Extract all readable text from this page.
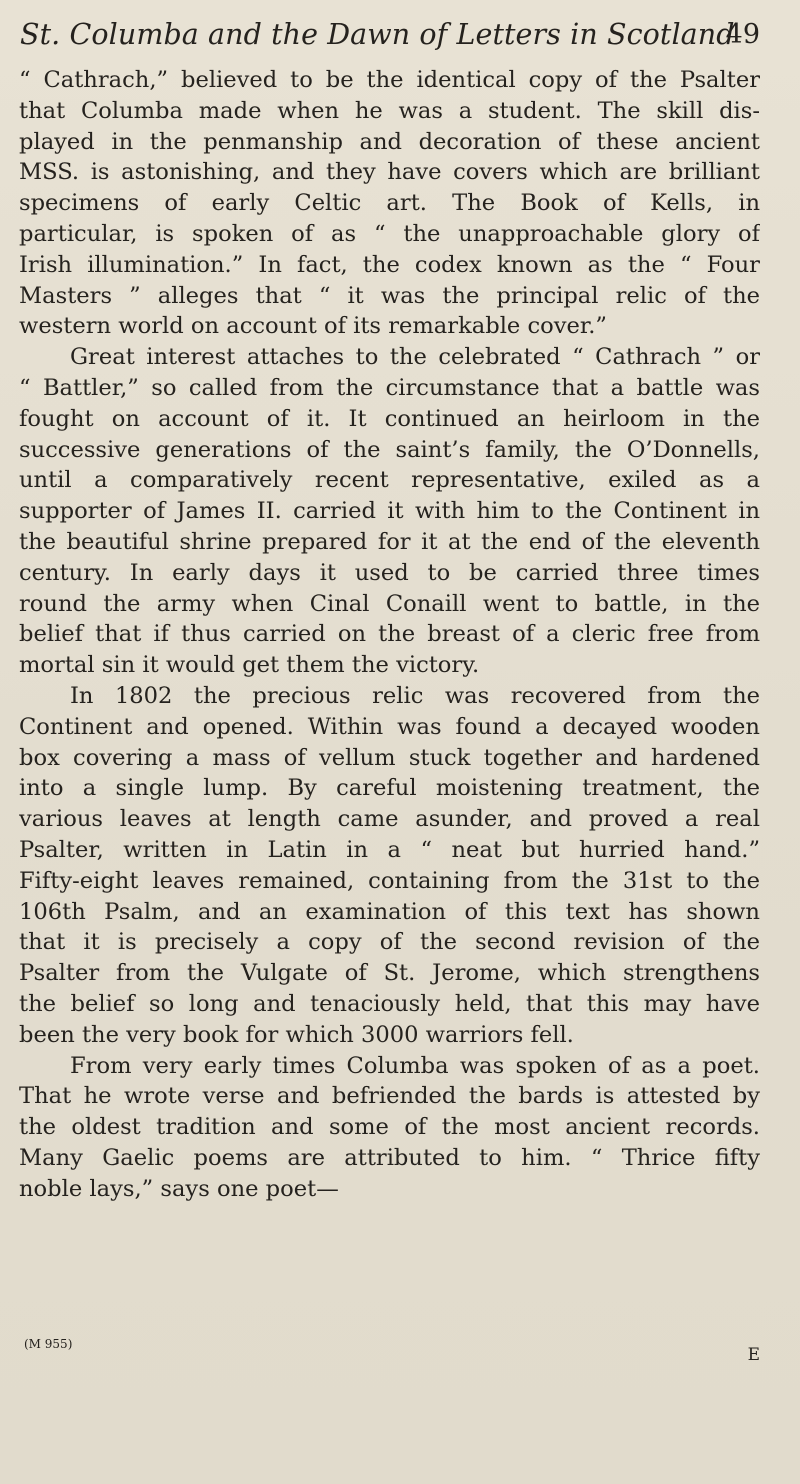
St. Columba and the Dawn of Letters in Scotland
49
“ Cathrach,” believed to be the identical copy of the Psalter
that Columba made when he was a student. The skill dis-
played in the penmanship and decoration of these ancient
MSS. is astonishing, and they have covers which are brilliant
specimens of early Celtic art. The Book of Kells, in
particular, is spoken of as “ the unapproachable glory of
Irish illumination.” In fact, the codex known as the “ Four
Masters ” alleges that “ it was the principal relic of the
western world on account of its remarkable cover.”
Great interest attaches to the celebrated “ Cathrach ” or
“ Battler,” so called from the circumstance that a battle was
fought on account of it. It continued an heirloom in the
successive generations of the saint’s family, the O’Donnells,
until a comparatively recent representative, exiled as a
supporter of James II. carried it with him to the Continent in
the beautiful shrine prepared for it at the end of the eleventh
century. In early days it used to be carried three times
round the army when Cinal Conaill went to battle, in the
belief that if thus carried on the breast of a cleric free from
mortal sin it would get them the victory.
In 1802 the precious relic was recovered from the
Continent and opened. Within was found a decayed wooden
box covering a mass of vellum stuck together and hardened
into a single lump. By careful moistening treatment, the
various leaves at length came asunder, and proved a real
Psalter, written in Latin in a “ neat but hurried hand.”
Fifty-eight leaves remained, containing from the 31st to the
106th Psalm, and an examination of this text has shown
that it is precisely a copy of the second revision of the
Psalter from the Vulgate of St. Jerome, which strengthens
the belief so long and tenaciously held, that this may have
been the very book for which 3000 warriors fell.
From very early times Columba was spoken of as a poet.
That he wrote verse and befriended the bards is attested by
the oldest tradition and some of the most ancient records.
Many Gaelic poems are attributed to him. “ Thrice fifty
noble lays,” says one poet—
(M 955)
E
